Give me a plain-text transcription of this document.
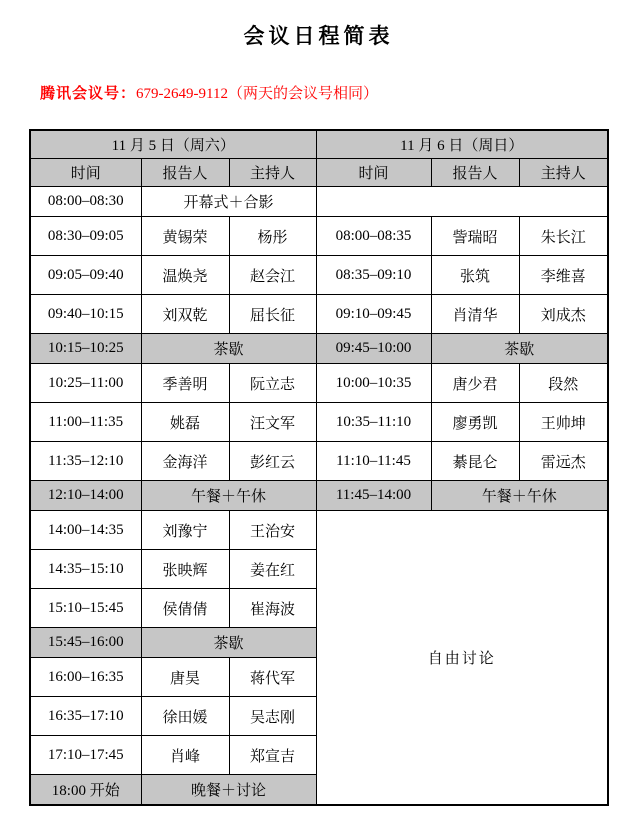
会议日程简表
腾讯会议号：679-2649-9112（两天的会议号相同）
11 月 5 日（周六）			11 月 6 日（周日）		
时间	报告人	主持人	时间	报告人	主持人
08:00–08:30	开幕式＋合影				
08:30–09:05	黄锡荣	杨彤	08:00–08:35	訾瑞昭	朱长江
09:05–09:40	温焕尧	赵会江	08:35–09:10	张筑	李维喜
09:40–10:15	刘双乾	屈长征	09:10–09:45	肖清华	刘成杰
10:15–10:25	茶歇		09:45–10:00	茶歇	
10:25–11:00	季善明	阮立志	10:00–10:35	唐少君	段然
11:00–11:35	姚磊	汪文军	10:35–11:10	廖勇凯	王帅坤
11:35–12:10	金海洋	彭红云	11:10–11:45	綦昆仑	雷远杰
12:10–14:00	午餐＋午休		11:45–14:00	午餐＋午休	
14:00–14:35	刘豫宁	王治安	自由讨论		
14:35–15:10	张映辉	姜在红			
15:10–15:45	侯倩倩	崔海波			
15:45–16:00	茶歇				
16:00–16:35	唐昊	蒋代军			
16:35–17:10	徐田媛	吴志刚			
17:10–17:45	肖峰	郑宣吉			
18:00 开始	晚餐＋讨论				
